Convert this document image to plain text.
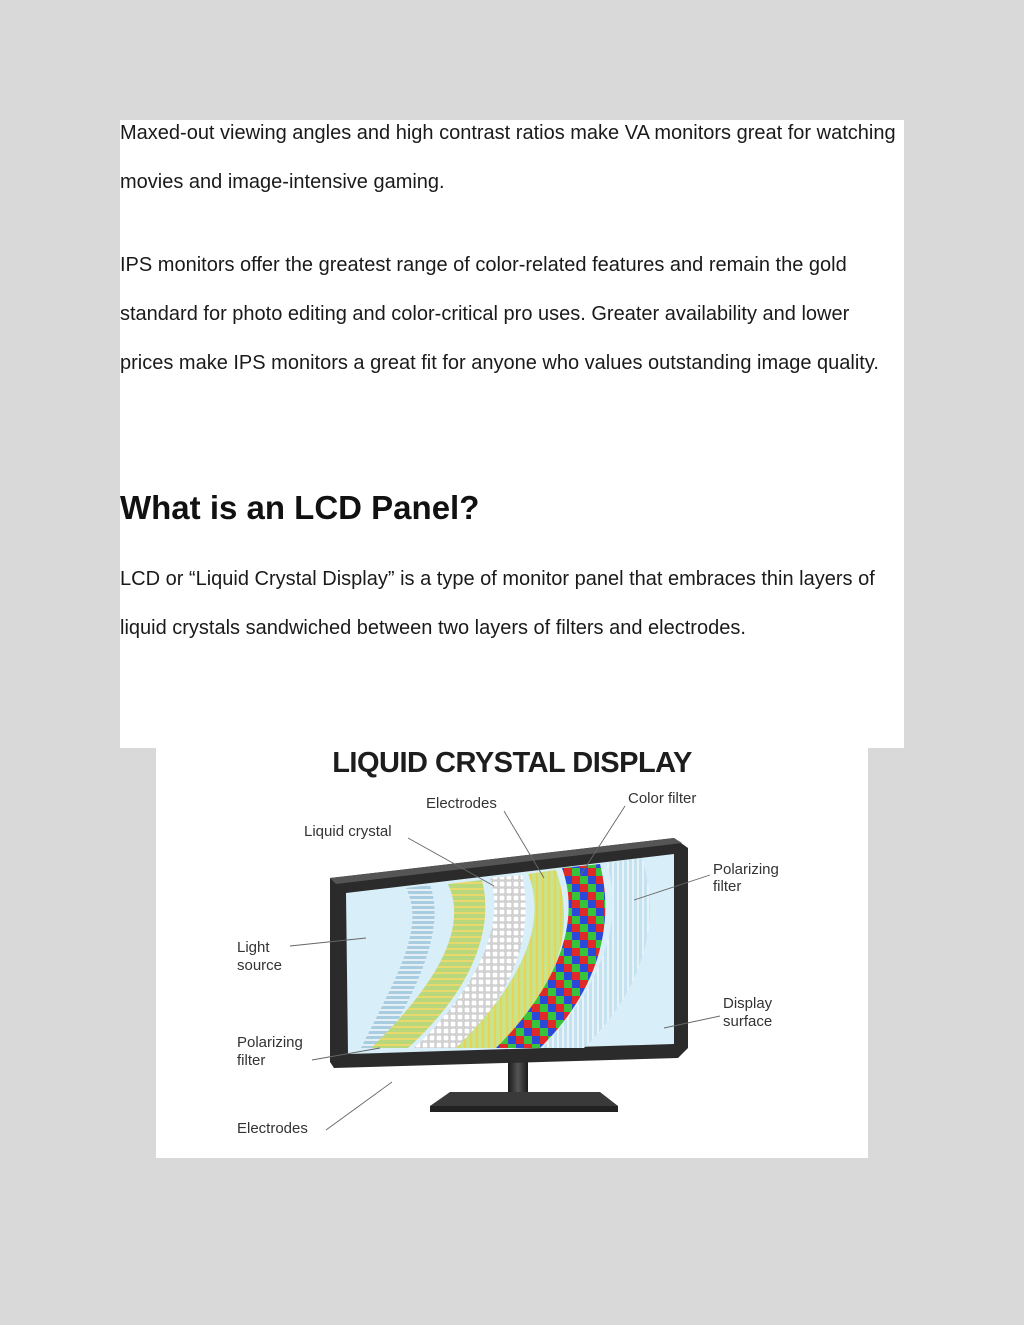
Maxed-out viewing angles and high contrast ratios make VA monitors great for watching movies and image-intensive gaming.

IPS monitors offer the greatest range of color-related features and remain the gold standard for photo editing and color-critical pro uses. Greater availability and lower prices make IPS monitors a great fit for anyone who values outstanding image quality.

What is an LCD Panel?

LCD or “Liquid Crystal Display” is a type of monitor panel that embraces thin layers of liquid crystals sandwiched between two layers of filters and electrodes.

LIQUID CRYSTAL DISPLAY
Electrodes	Color filter
Liquid crystal
Polarizing
filter
Light
source
Display
surface
Polarizing
filter
Electrodes
